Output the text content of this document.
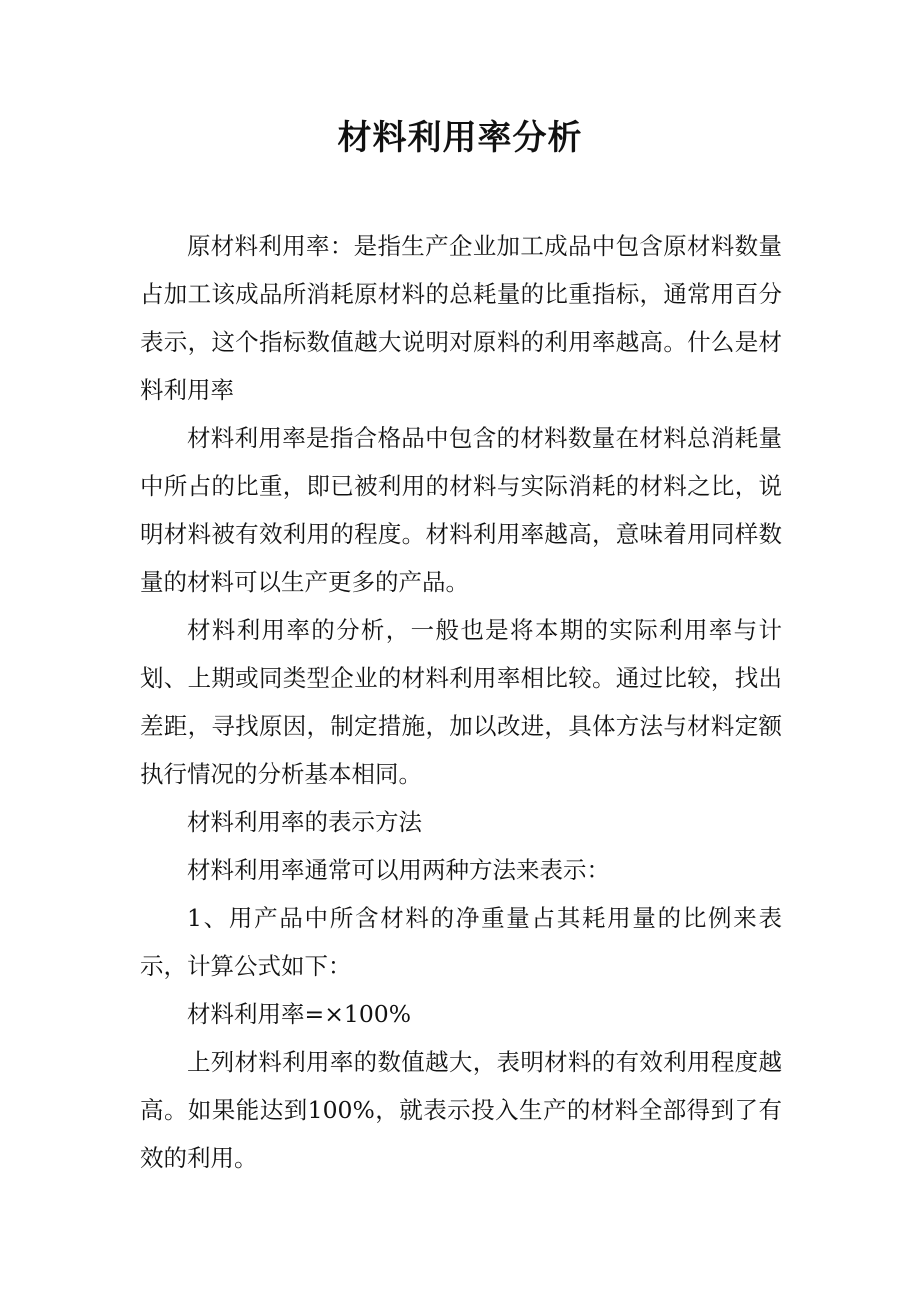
材料利用率分析

原材料利用率：是指生产企业加工成品中包含原材料数量占加工该成品所消耗原材料的总耗量的比重指标，通常用百分表示，这个指标数值越大说明对原料的利用率越高。什么是材料利用率

材料利用率是指合格品中包含的材料数量在材料总消耗量中所占的比重，即已被利用的材料与实际消耗的材料之比，说明材料被有效利用的程度。材料利用率越高，意味着用同样数量的材料可以生产更多的产品。

材料利用率的分析，一般也是将本期的实际利用率与计划、上期或同类型企业的材料利用率相比较。通过比较，找出差距，寻找原因，制定措施，加以改进，具体方法与材料定额执行情况的分析基本相同。

材料利用率的表示方法

材料利用率通常可以用两种方法来表示：

1、用产品中所含材料的净重量占其耗用量的比例来表示，计算公式如下：

材料利用率=×100%

上列材料利用率的数值越大，表明材料的有效利用程度越高。如果能达到100%，就表示投入生产的材料全部得到了有效的利用。
